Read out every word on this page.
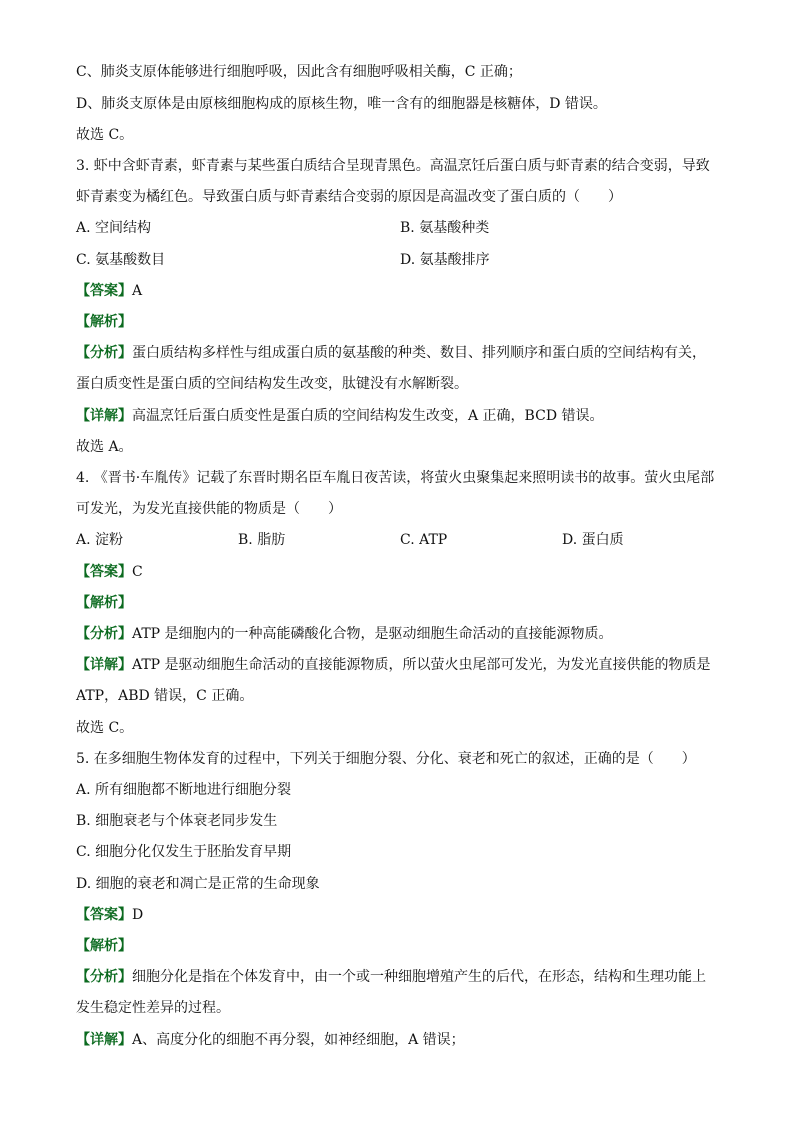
C、肺炎支原体能够进行细胞呼吸，因此含有细胞呼吸相关酶，C 正确；
D、肺炎支原体是由原核细胞构成的原核生物，唯一含有的细胞器是核糖体，D 错误。
故选 C。
3. 虾中含虾青素，虾青素与某些蛋白质结合呈现青黑色。高温烹饪后蛋白质与虾青素的结合变弱，导致
虾青素变为橘红色。导致蛋白质与虾青素结合变弱的原因是高温改变了蛋白质的（　　）
A. 空间结构	B. 氨基酸种类
C. 氨基酸数目	D. 氨基酸排序
【答案】A
【解析】
【分析】蛋白质结构多样性与组成蛋白质的氨基酸的种类、数目、排列顺序和蛋白质的空间结构有关，
蛋白质变性是蛋白质的空间结构发生改变，肽键没有水解断裂。
【详解】高温烹饪后蛋白质变性是蛋白质的空间结构发生改变，A 正确，BCD 错误。
故选 A。
4. 《晋书·车胤传》记载了东晋时期名臣车胤日夜苦读，将萤火虫聚集起来照明读书的故事。萤火虫尾部
可发光，为发光直接供能的物质是（　　）
A. 淀粉	B. 脂肪	C. ATP	D. 蛋白质
【答案】C
【解析】
【分析】ATP 是细胞内的一种高能磷酸化合物，是驱动细胞生命活动的直接能源物质。
【详解】ATP 是驱动细胞生命活动的直接能源物质，所以萤火虫尾部可发光，为发光直接供能的物质是
ATP，ABD 错误，C 正确。
故选 C。
5. 在多细胞生物体发育的过程中，下列关于细胞分裂、分化、衰老和死亡的叙述，正确的是（　　）
A. 所有细胞都不断地进行细胞分裂
B. 细胞衰老与个体衰老同步发生
C. 细胞分化仅发生于胚胎发育早期
D. 细胞的衰老和凋亡是正常的生命现象
【答案】D
【解析】
【分析】细胞分化是指在个体发育中，由一个或一种细胞增殖产生的后代，在形态，结构和生理功能上
发生稳定性差异的过程。
【详解】A、高度分化的细胞不再分裂，如神经细胞，A 错误；
